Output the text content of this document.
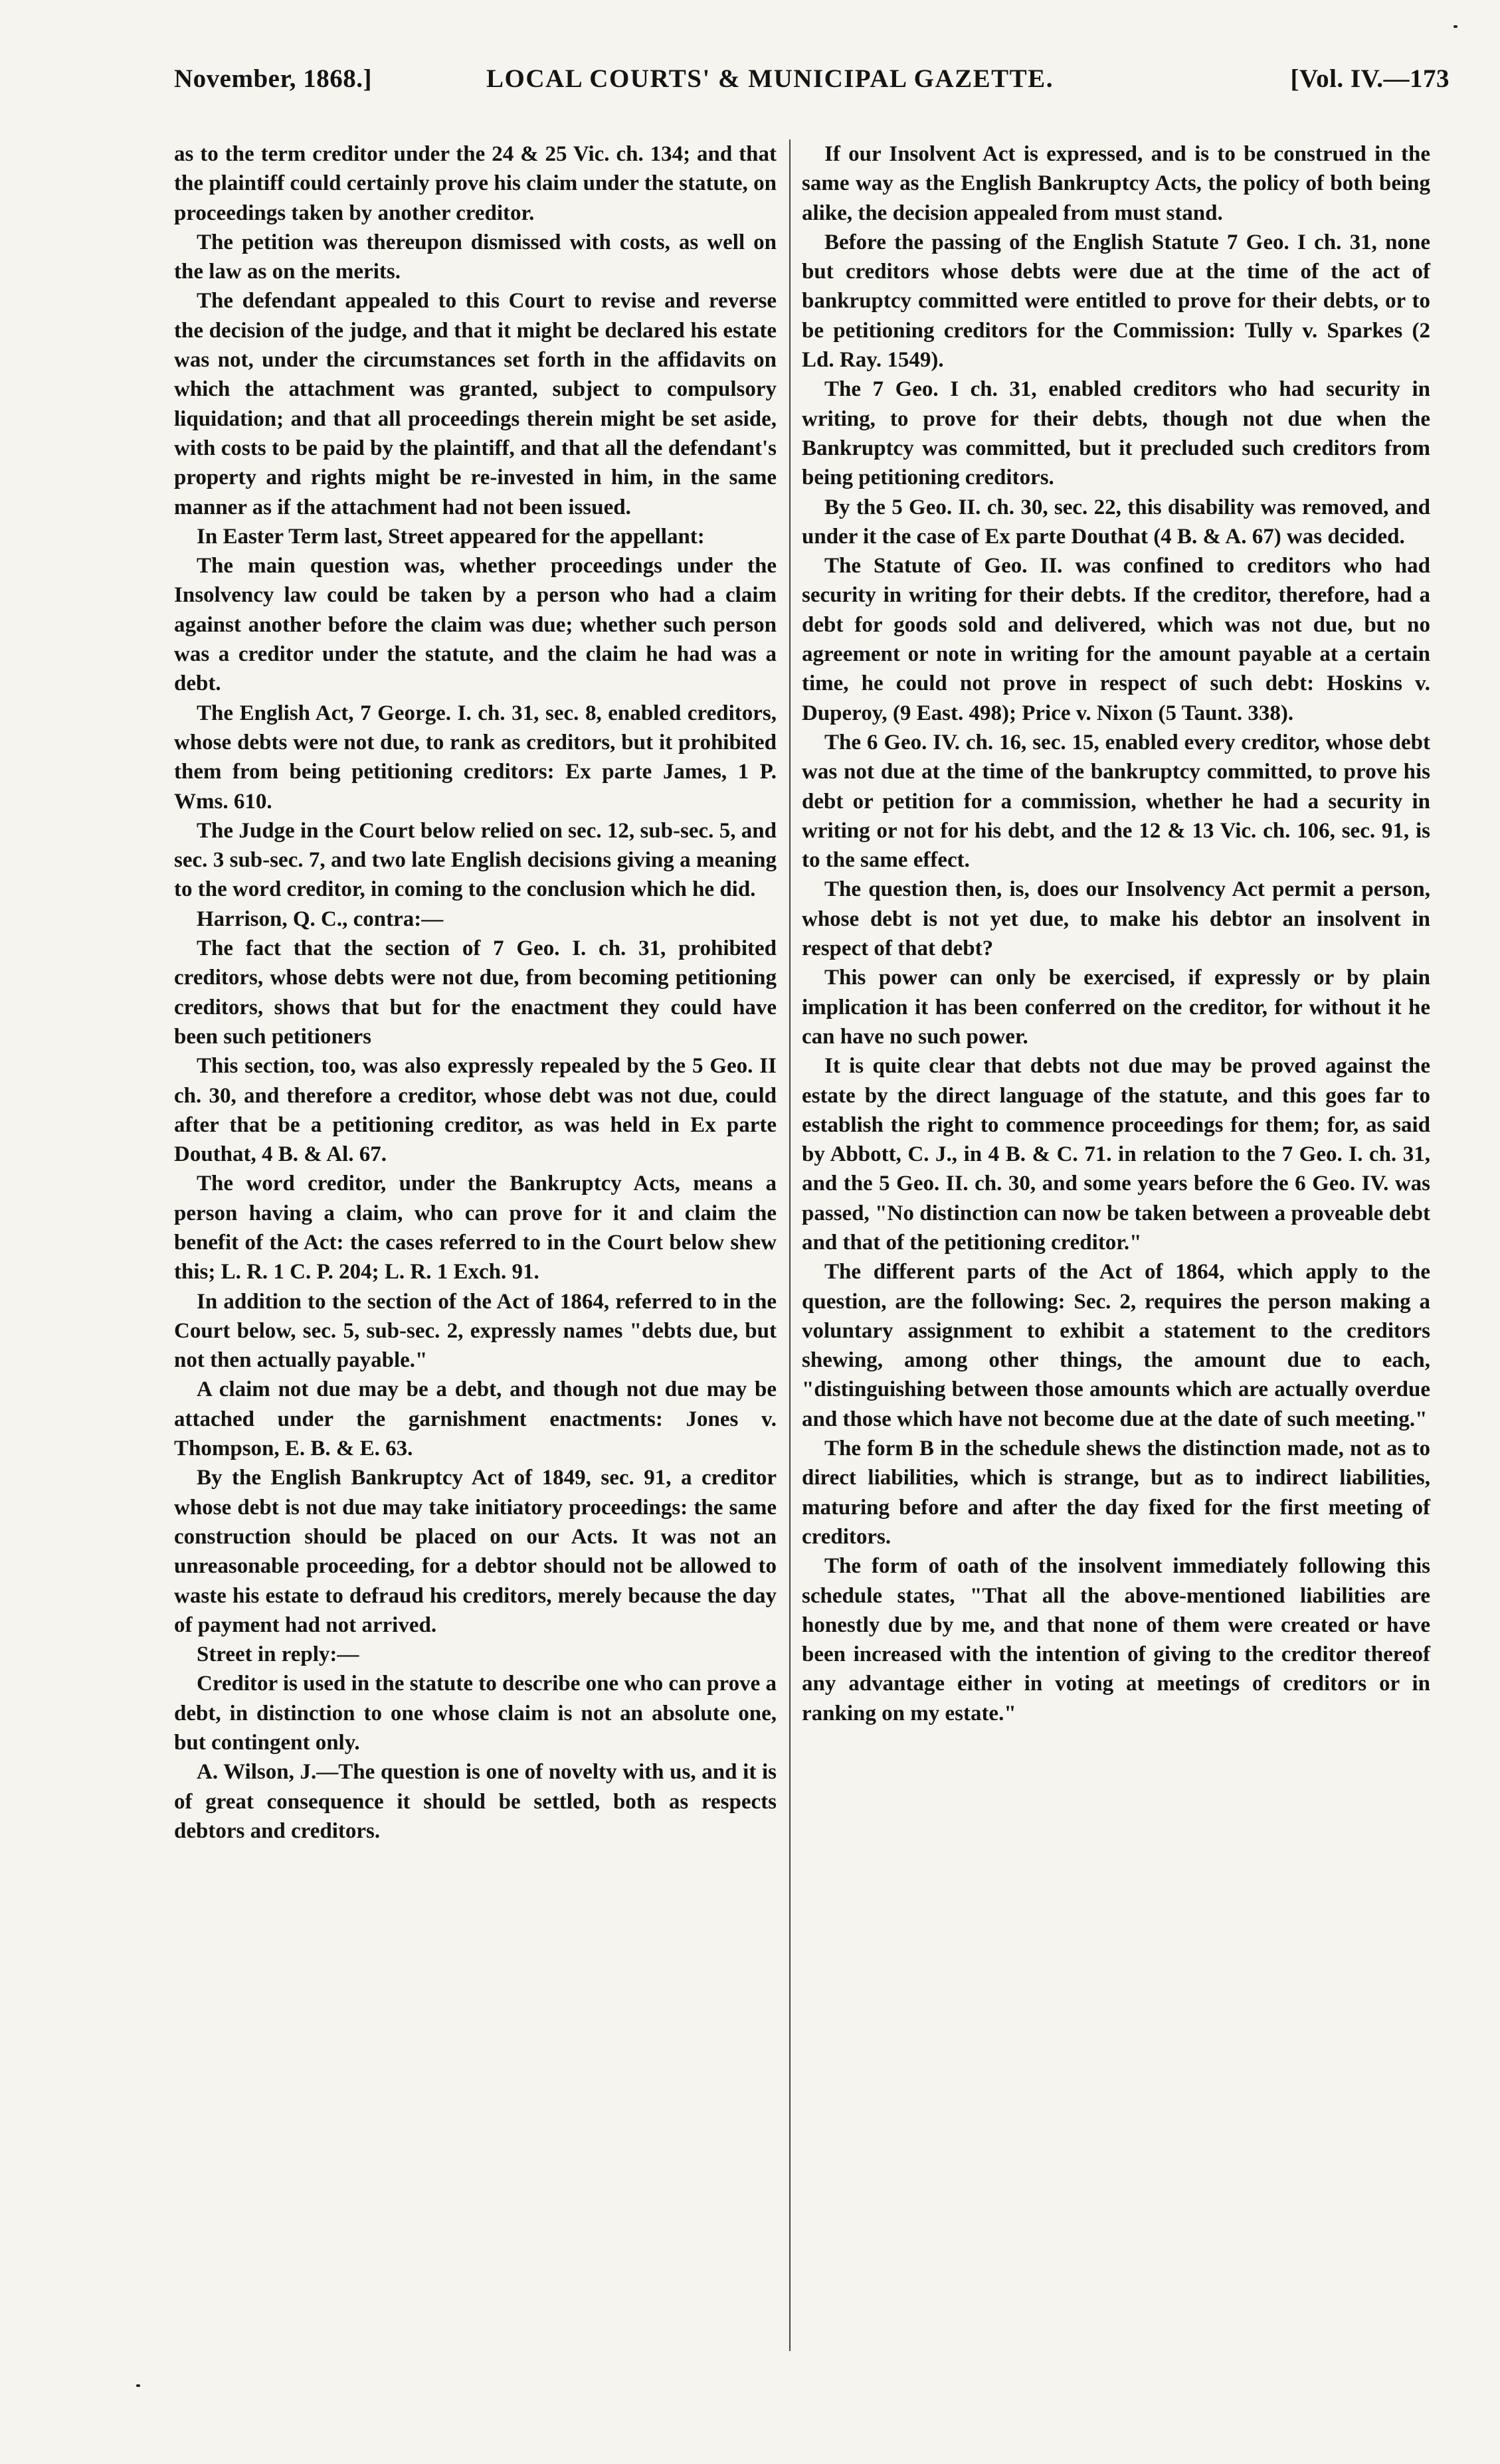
November, 1868.]	LOCAL COURTS' & MUNICIPAL GAZETTE.	[Vol. IV.—173

as to the term creditor under the 24 & 25 Vic. ch. 134; and that the plaintiff could certainly prove his claim under the statute, on proceedings taken by another creditor.

The petition was thereupon dismissed with costs, as well on the law as on the merits.

The defendant appealed to this Court to revise and reverse the decision of the judge, and that it might be declared his estate was not, under the circumstances set forth in the affidavits on which the attachment was granted, subject to compulsory liquidation; and that all proceedings therein might be set aside, with costs to be paid by the plaintiff, and that all the defendant's property and rights might be re-invested in him, in the same manner as if the attachment had not been issued.

In Easter Term last, Street appeared for the appellant:

The main question was, whether proceedings under the Insolvency law could be taken by a person who had a claim against another before the claim was due; whether such person was a creditor under the statute, and the claim he had was a debt.

The English Act, 7 George. I. ch. 31, sec. 8, enabled creditors, whose debts were not due, to rank as creditors, but it prohibited them from being petitioning creditors: Ex parte James, 1 P. Wms. 610.

The Judge in the Court below relied on sec. 12, sub-sec. 5, and sec. 3 sub-sec. 7, and two late English decisions giving a meaning to the word creditor, in coming to the conclusion which he did.

Harrison, Q. C., contra:—

The fact that the section of 7 Geo. I. ch. 31, prohibited creditors, whose debts were not due, from becoming petitioning creditors, shows that but for the enactment they could have been such petitioners

This section, too, was also expressly repealed by the 5 Geo. II ch. 30, and therefore a creditor, whose debt was not due, could after that be a petitioning creditor, as was held in Ex parte Douthat, 4 B. & Al. 67.

The word creditor, under the Bankruptcy Acts, means a person having a claim, who can prove for it and claim the benefit of the Act: the cases referred to in the Court below shew this; L. R. 1 C. P. 204; L. R. 1 Exch. 91.

In addition to the section of the Act of 1864, referred to in the Court below, sec. 5, sub-sec. 2, expressly names "debts due, but not then actually payable."

A claim not due may be a debt, and though not due may be attached under the garnishment enactments: Jones v. Thompson, E. B. & E. 63.

By the English Bankruptcy Act of 1849, sec. 91, a creditor whose debt is not due may take initiatory proceedings: the same construction should be placed on our Acts. It was not an unreasonable proceeding, for a debtor should not be allowed to waste his estate to defraud his creditors, merely because the day of payment had not arrived.

Street in reply:—

Creditor is used in the statute to describe one who can prove a debt, in distinction to one whose claim is not an absolute one, but contingent only.

A. Wilson, J.—The question is one of novelty with us, and it is of great consequence it should be settled, both as respects debtors and creditors.

If our Insolvent Act is expressed, and is to be construed in the same way as the English Bankruptcy Acts, the policy of both being alike, the decision appealed from must stand.

Before the passing of the English Statute 7 Geo. I ch. 31, none but creditors whose debts were due at the time of the act of bankruptcy committed were entitled to prove for their debts, or to be petitioning creditors for the Commission: Tully v. Sparkes (2 Ld. Ray. 1549).

The 7 Geo. I ch. 31, enabled creditors who had security in writing, to prove for their debts, though not due when the Bankruptcy was committed, but it precluded such creditors from being petitioning creditors.

By the 5 Geo. II. ch. 30, sec. 22, this disability was removed, and under it the case of Ex parte Douthat (4 B. & A. 67) was decided.

The Statute of Geo. II. was confined to creditors who had security in writing for their debts. If the creditor, therefore, had a debt for goods sold and delivered, which was not due, but no agreement or note in writing for the amount payable at a certain time, he could not prove in respect of such debt: Hoskins v. Duperoy, (9 East. 498); Price v. Nixon (5 Taunt. 338).

The 6 Geo. IV. ch. 16, sec. 15, enabled every creditor, whose debt was not due at the time of the bankruptcy committed, to prove his debt or petition for a commission, whether he had a security in writing or not for his debt, and the 12 & 13 Vic. ch. 106, sec. 91, is to the same effect.

The question then, is, does our Insolvency Act permit a person, whose debt is not yet due, to make his debtor an insolvent in respect of that debt?

This power can only be exercised, if expressly or by plain implication it has been conferred on the creditor, for without it he can have no such power.

It is quite clear that debts not due may be proved against the estate by the direct language of the statute, and this goes far to establish the right to commence proceedings for them; for, as said by Abbott, C. J., in 4 B. & C. 71. in relation to the 7 Geo. I. ch. 31, and the 5 Geo. II. ch. 30, and some years before the 6 Geo. IV. was passed, "No distinction can now be taken between a proveable debt and that of the petitioning creditor."

The different parts of the Act of 1864, which apply to the question, are the following: Sec. 2, requires the person making a voluntary assignment to exhibit a statement to the creditors shewing, among other things, the amount due to each, "distinguishing between those amounts which are actually overdue and those which have not become due at the date of such meeting."

The form B in the schedule shews the distinction made, not as to direct liabilities, which is strange, but as to indirect liabilities, maturing before and after the day fixed for the first meeting of creditors.

The form of oath of the insolvent immediately following this schedule states, "That all the above-mentioned liabilities are honestly due by me, and that none of them were created or have been increased with the intention of giving to the creditor thereof any advantage either in voting at meetings of creditors or in ranking on my estate."
